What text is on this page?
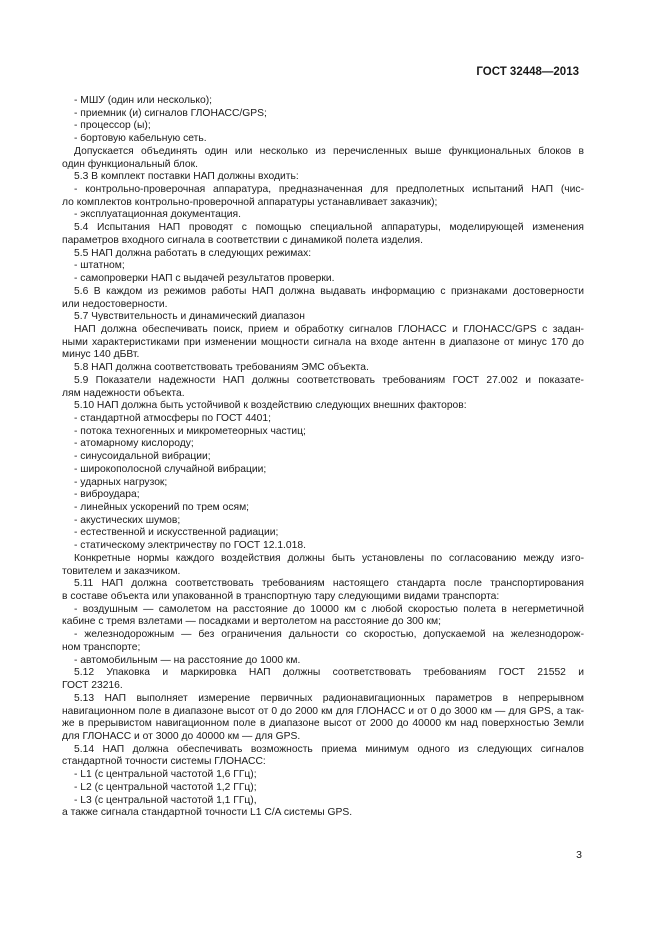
ГОСТ 32448—2013
- МШУ (один или несколько);
- приемник (и) сигналов ГЛОНАСС/GPS;
- процессор (ы);
- бортовую кабельную сеть.
Допускается объединять один или несколько из перечисленных выше функциональных блоков в
один функциональный блок.
5.3 В комплект поставки НАП должны входить:
- контрольно-проверочная аппаратура, предназначенная для предполетных испытаний НАП (чис-
ло комплектов контрольно-проверочной аппаратуры устанавливает заказчик);
- эксплуатационная документация.
5.4 Испытания НАП проводят с помощью специальной аппаратуры, моделирующей изменения
параметров входного сигнала в соответствии с динамикой полета изделия.
5.5 НАП должна работать в следующих режимах:
- штатном;
- самопроверки НАП с выдачей результатов проверки.
5.6 В каждом из режимов работы НАП должна выдавать информацию с признаками достоверности
или недостоверности.
5.7 Чувствительность и динамический диапазон
НАП должна обеспечивать поиск, прием и обработку сигналов ГЛОНАСС и ГЛОНАСС/GPS с задан-
ными характеристиками при изменении мощности сигнала на входе антенн в диапазоне от минус 170 до
минус 140 дБВт.
5.8 НАП должна соответствовать требованиям ЭМС объекта.
5.9 Показатели надежности НАП должны соответствовать требованиям ГОСТ 27.002 и показате-
лям надежности объекта.
5.10 НАП должна быть устойчивой к воздействию следующих внешних факторов:
- стандартной атмосферы по ГОСТ 4401;
- потока техногенных и микрометеорных частиц;
- атомарному кислороду;
- синусоидальной вибрации;
- широкополосной случайной вибрации;
- ударных нагрузок;
- виброудара;
- линейных ускорений по трем осям;
- акустических шумов;
- естественной и искусственной радиации;
- статическому электричеству по ГОСТ 12.1.018.
Конкретные нормы каждого воздействия должны быть установлены по согласованию между изго-
товителем и заказчиком.
5.11 НАП должна соответствовать требованиям настоящего стандарта после транспортирования
в составе объекта или упакованной в транспортную тару следующими видами транспорта:
- воздушным — самолетом на расстояние до 10000 км с любой скоростью полета в негерметичной
кабине с тремя взлетами — посадками и вертолетом на расстояние до 300 км;
- железнодорожным — без ограничения дальности со скоростью, допускаемой на железнодорож-
ном транспорте;
- автомобильным — на расстояние до 1000 км.
5.12 Упаковка и маркировка НАП должны соответствовать требованиям ГОСТ 21552 и
ГОСТ 23216.
5.13 НАП выполняет измерение первичных радионавигационных параметров в непрерывном
навигационном поле в диапазоне высот от 0 до 2000 км для ГЛОНАСС и от 0 до 3000 км — для GPS, а так-
же в прерывистом навигационном поле в диапазоне высот от 2000 до 40000 км над поверхностью Земли
для ГЛОНАСС и от 3000 до 40000 км — для GPS.
5.14 НАП должна обеспечивать возможность приема минимум одного из следующих сигналов
стандартной точности системы ГЛОНАСС:
- L1 (с центральной частотой 1,6 ГГц);
- L2 (с центральной частотой 1,2 ГГц);
- L3 (с центральной частотой 1,1 ГГц),
а также сигнала стандартной точности L1 C/A системы GPS.
3
